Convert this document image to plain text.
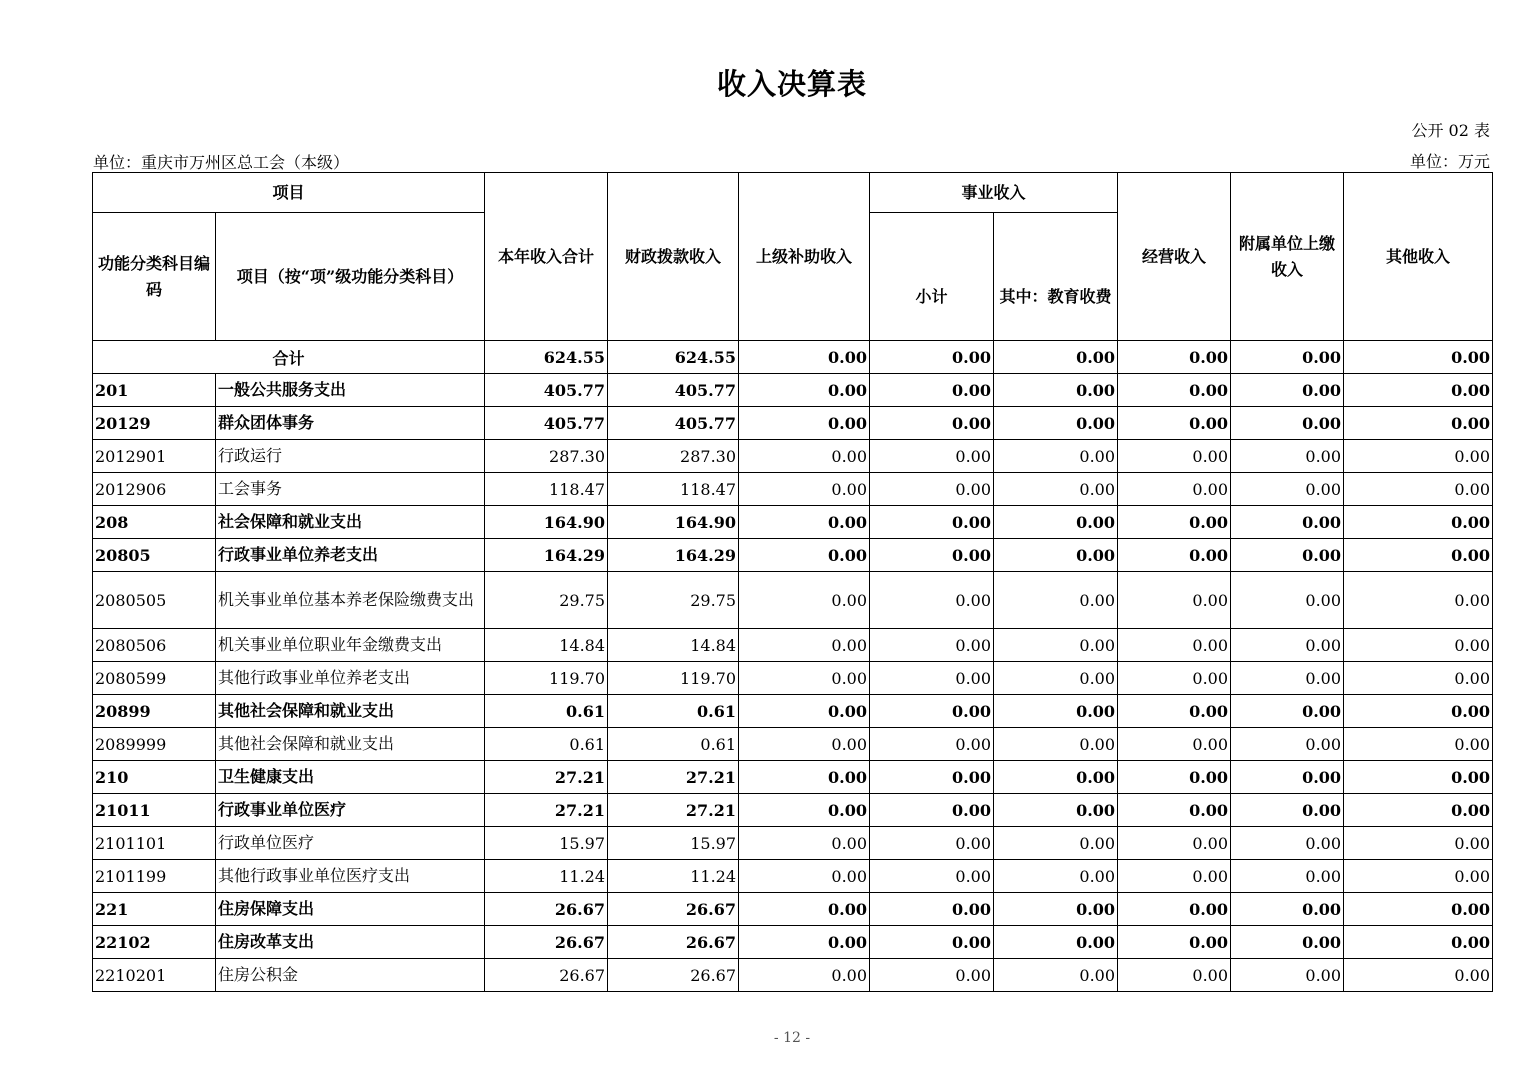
收入决算表
公开 02 表
单位：重庆市万州区总工会（本级）	单位：万元
项目		本年收入合计	财政拨款收入	上级补助收入	事业收入		经营收入	附属单位上缴收入	其他收入
功能分类科目编码	项目（按“项”级功能分类科目）				小计	其中：教育收费			
合计		624.55	624.55	0.00	0.00	0.00	0.00	0.00	0.00
201	一般公共服务支出	405.77	405.77	0.00	0.00	0.00	0.00	0.00	0.00
20129	群众团体事务	405.77	405.77	0.00	0.00	0.00	0.00	0.00	0.00
2012901	行政运行	287.30	287.30	0.00	0.00	0.00	0.00	0.00	0.00
2012906	工会事务	118.47	118.47	0.00	0.00	0.00	0.00	0.00	0.00
208	社会保障和就业支出	164.90	164.90	0.00	0.00	0.00	0.00	0.00	0.00
20805	行政事业单位养老支出	164.29	164.29	0.00	0.00	0.00	0.00	0.00	0.00
2080505	机关事业单位基本养老保险缴费支出	29.75	29.75	0.00	0.00	0.00	0.00	0.00	0.00
2080506	机关事业单位职业年金缴费支出	14.84	14.84	0.00	0.00	0.00	0.00	0.00	0.00
2080599	其他行政事业单位养老支出	119.70	119.70	0.00	0.00	0.00	0.00	0.00	0.00
20899	其他社会保障和就业支出	0.61	0.61	0.00	0.00	0.00	0.00	0.00	0.00
2089999	其他社会保障和就业支出	0.61	0.61	0.00	0.00	0.00	0.00	0.00	0.00
210	卫生健康支出	27.21	27.21	0.00	0.00	0.00	0.00	0.00	0.00
21011	行政事业单位医疗	27.21	27.21	0.00	0.00	0.00	0.00	0.00	0.00
2101101	行政单位医疗	15.97	15.97	0.00	0.00	0.00	0.00	0.00	0.00
2101199	其他行政事业单位医疗支出	11.24	11.24	0.00	0.00	0.00	0.00	0.00	0.00
221	住房保障支出	26.67	26.67	0.00	0.00	0.00	0.00	0.00	0.00
22102	住房改革支出	26.67	26.67	0.00	0.00	0.00	0.00	0.00	0.00
2210201	住房公积金	26.67	26.67	0.00	0.00	0.00	0.00	0.00	0.00
- 12 -
